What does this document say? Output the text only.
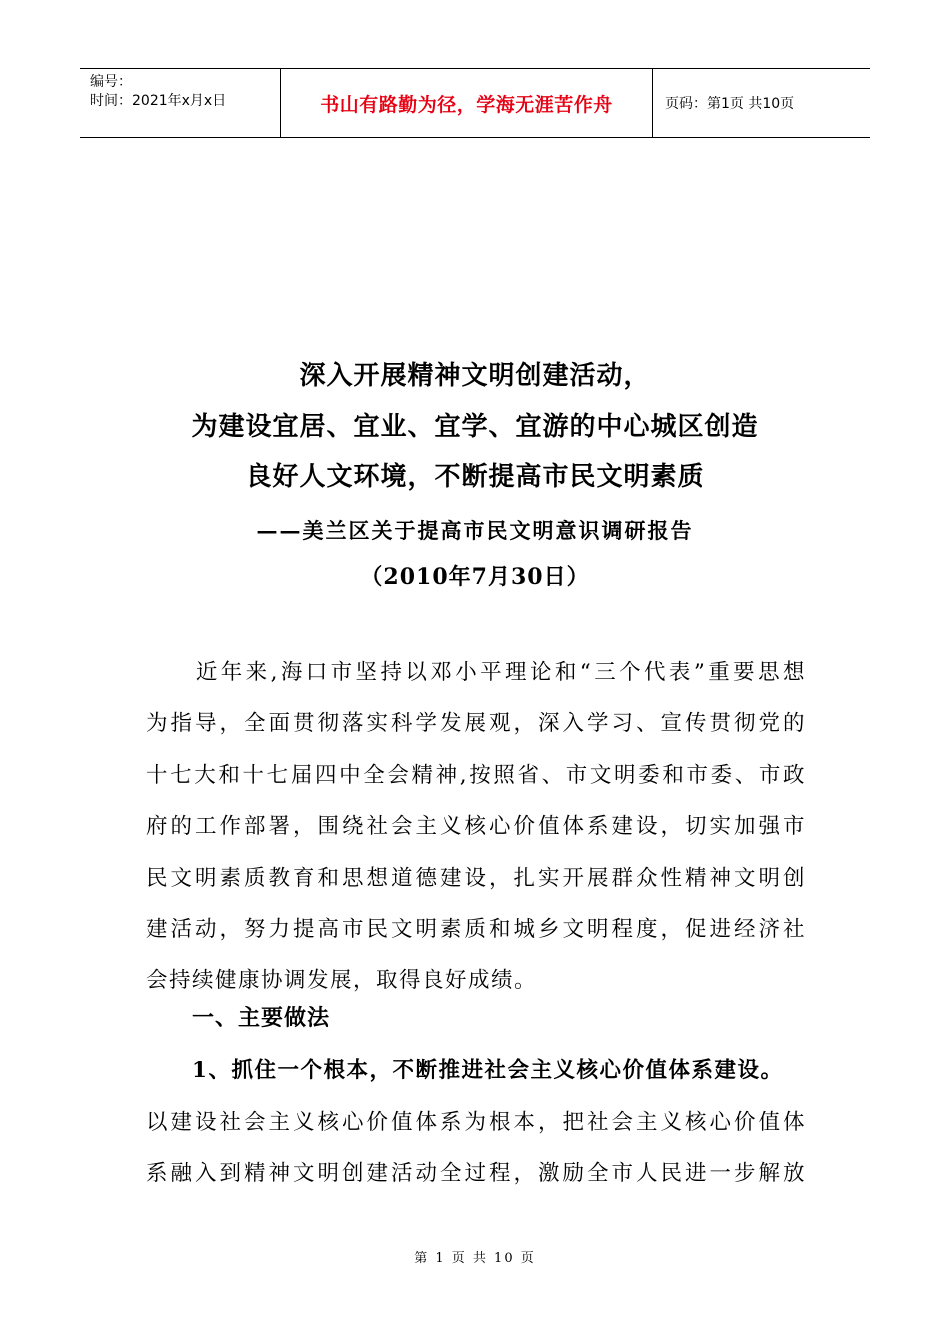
编号：
时间：2021年x月x日	书山有路勤为径，学海无涯苦作舟	页码：第1页 共10页
深入开展精神文明创建活动，
为建设宜居、宜业、宜学、宜游的中心城区创造
良好人文环境，不断提高市民文明素质
——美兰区关于提高市民文明意识调研报告
（2010年7月30日）
　　近年来,海口市坚持以邓小平理论和“三个代表”重要思想
为指导，全面贯彻落实科学发展观，深入学习、宣传贯彻党的
十七大和十七届四中全会精神,按照省、市文明委和市委、市政
府的工作部署，围绕社会主义核心价值体系建设，切实加强市
民文明素质教育和思想道德建设，扎实开展群众性精神文明创
建活动，努力提高市民文明素质和城乡文明程度，促进经济社
会持续健康协调发展，取得良好成绩。
一、主要做法
1、抓住一个根本，不断推进社会主义核心价值体系建设。
以建设社会主义核心价值体系为根本，把社会主义核心价值体
系融入到精神文明创建活动全过程，激励全市人民进一步解放
第 1 页 共 10 页
